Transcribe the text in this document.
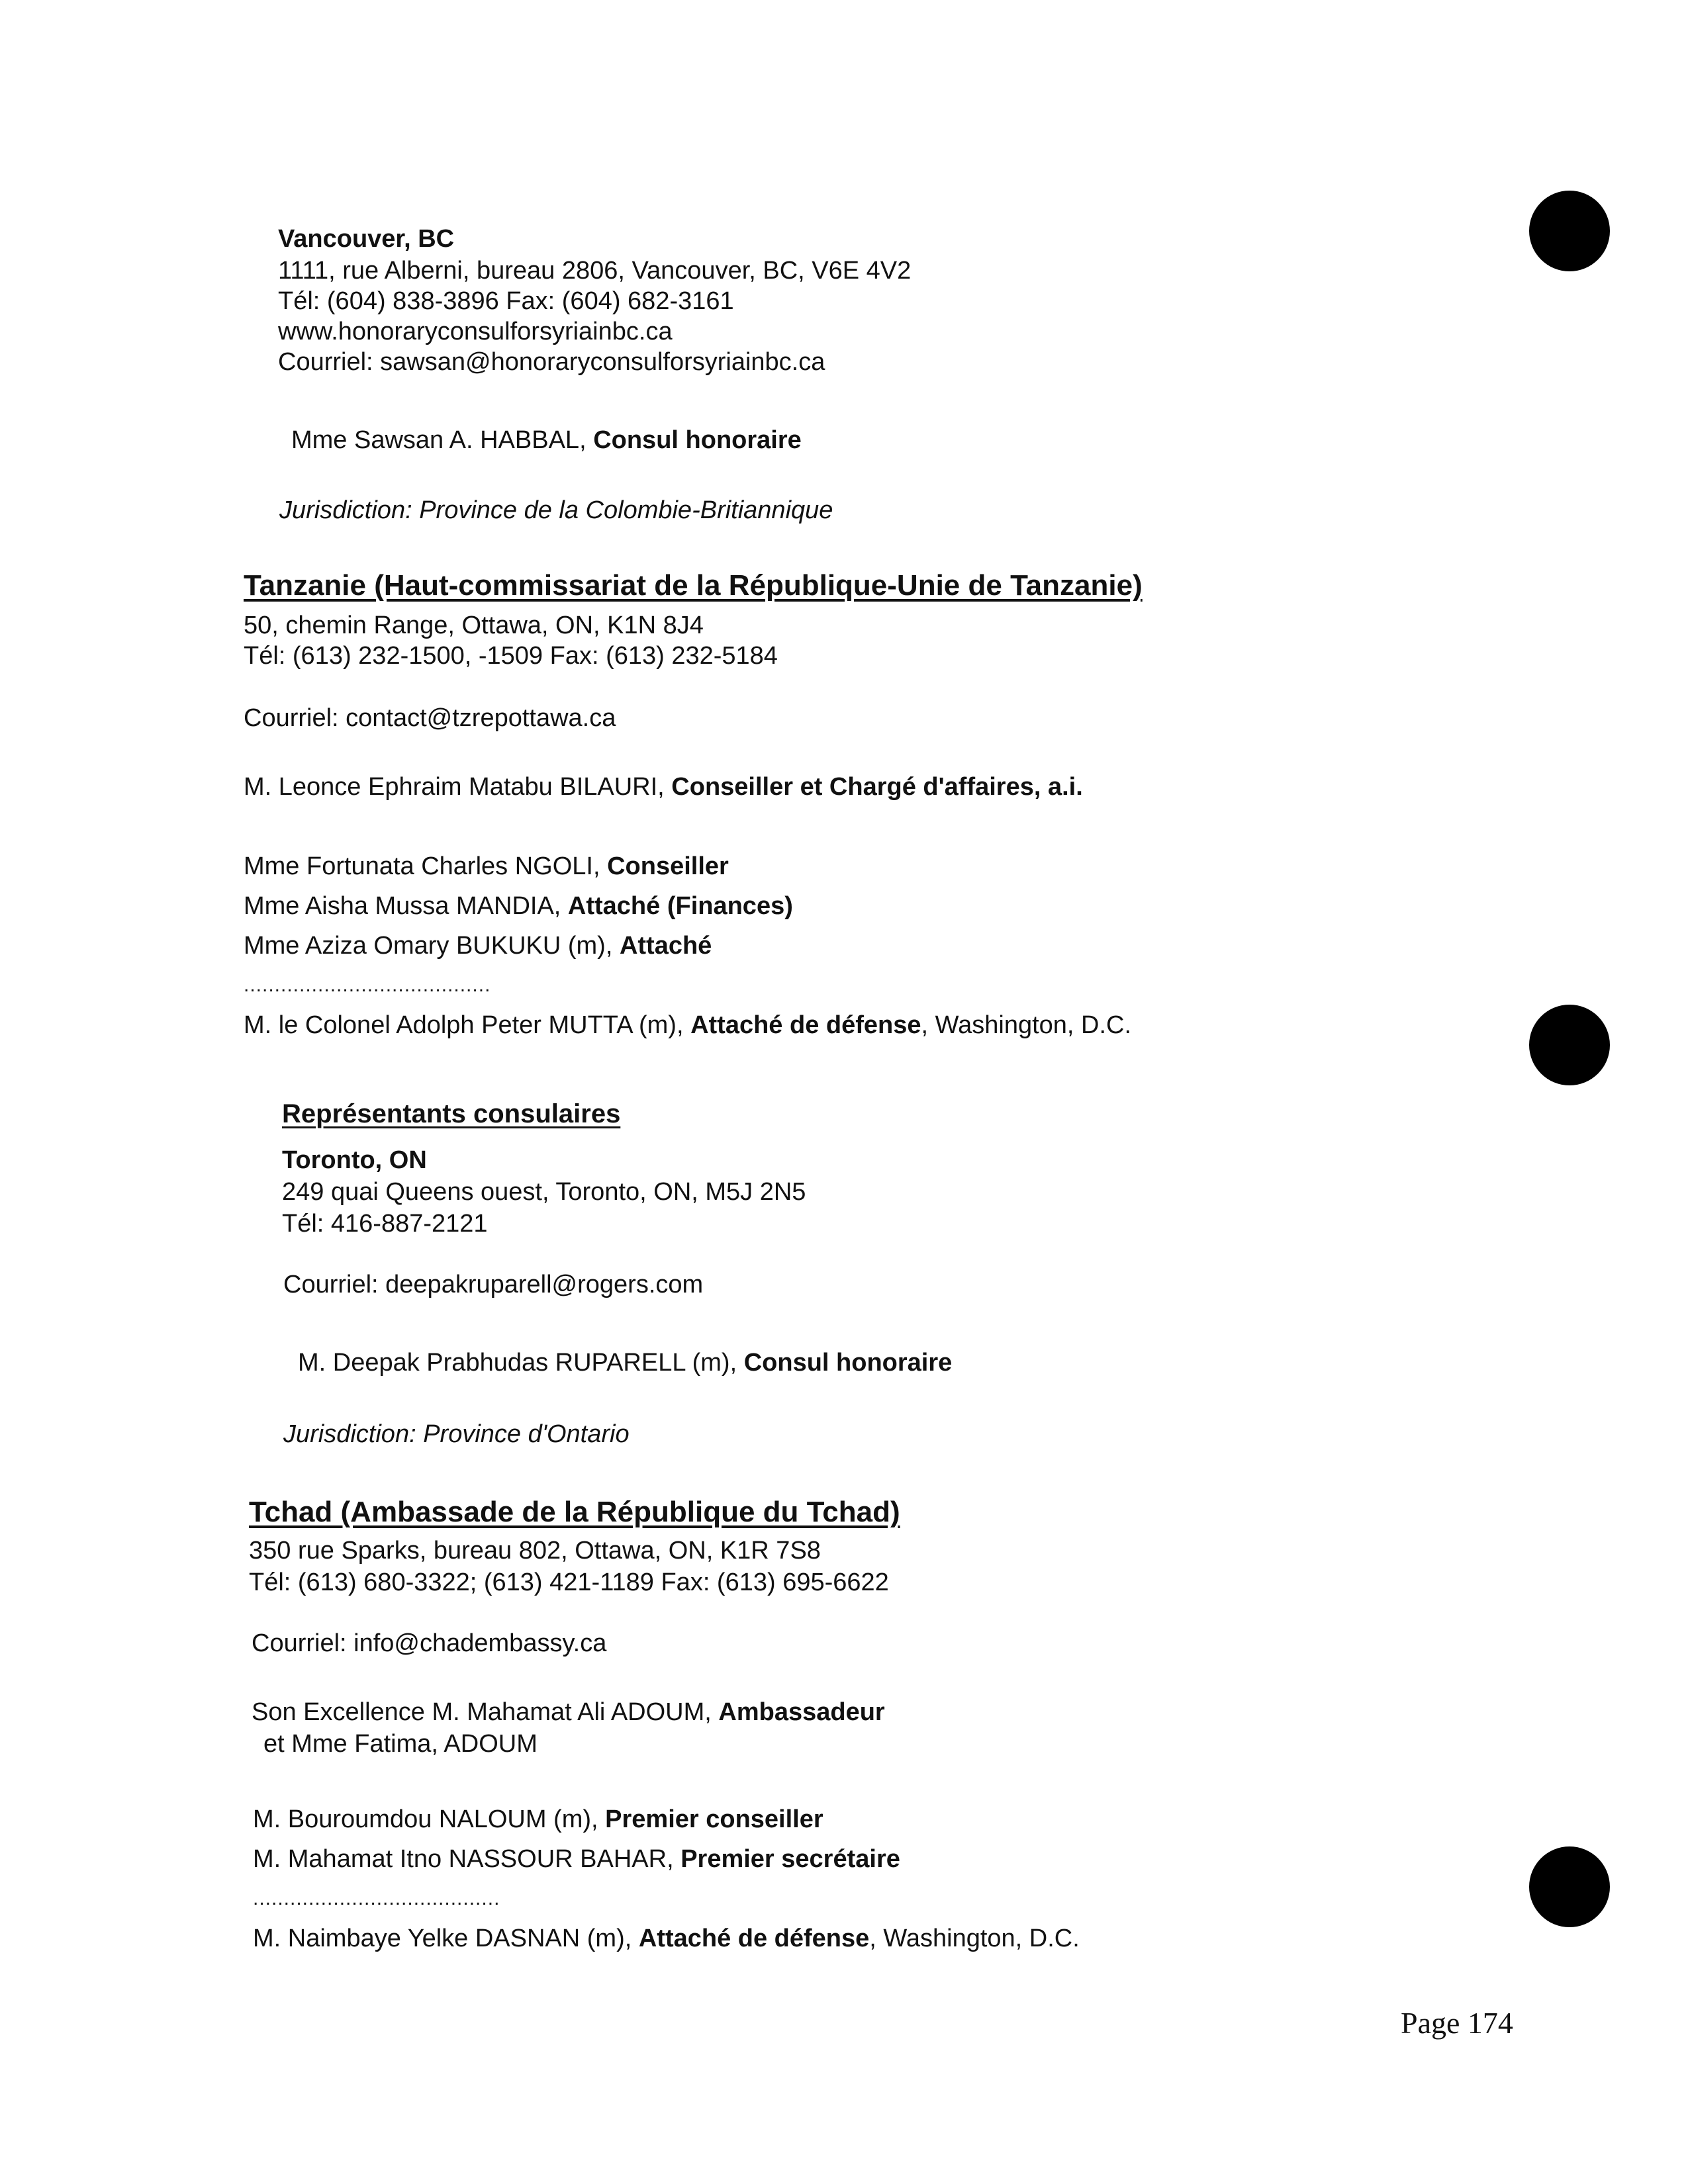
Vancouver, BC
1111, rue Alberni, bureau 2806, Vancouver, BC, V6E 4V2
Tél: (604) 838-3896 Fax: (604) 682-3161
www.honoraryconsulforsyriainbc.ca
Courriel: sawsan@honoraryconsulforsyriainbc.ca
Mme Sawsan A. HABBAL, Consul honoraire
Jurisdiction: Province de la Colombie-Britiannique
Tanzanie (Haut-commissariat de la République-Unie de Tanzanie)
50, chemin Range, Ottawa, ON, K1N 8J4
Tél: (613) 232-1500, -1509 Fax: (613) 232-5184
Courriel: contact@tzrepottawa.ca
M. Leonce Ephraim Matabu BILAURI, Conseiller et Chargé d'affaires, a.i.
Mme Fortunata Charles NGOLI, Conseiller
Mme Aisha Mussa MANDIA, Attaché (Finances)
Mme Aziza Omary BUKUKU (m), Attaché
........................................
M. le Colonel Adolph Peter MUTTA (m), Attaché de défense, Washington, D.C.
Représentants consulaires
Toronto, ON
249 quai Queens ouest, Toronto, ON, M5J 2N5
Tél: 416-887-2121
Courriel: deepakruparell@rogers.com
M. Deepak Prabhudas RUPARELL (m), Consul honoraire
Jurisdiction: Province d'Ontario
Tchad (Ambassade de la République du Tchad)
350 rue Sparks, bureau 802, Ottawa, ON, K1R 7S8
Tél: (613) 680-3322; (613) 421-1189 Fax: (613) 695-6622
Courriel: info@chadembassy.ca
Son Excellence M. Mahamat Ali ADOUM, Ambassadeur
et Mme Fatima, ADOUM
M. Bouroumdou NALOUM (m), Premier conseiller
M. Mahamat Itno NASSOUR BAHAR, Premier secrétaire
........................................
M. Naimbaye Yelke DASNAN (m), Attaché de défense, Washington, D.C.
Page 174
